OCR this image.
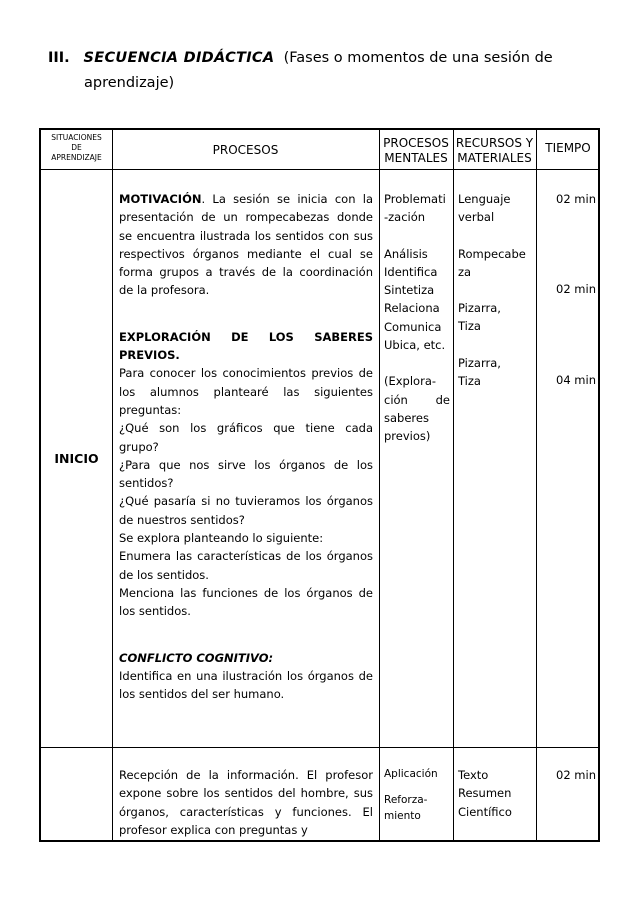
III. SECUENCIA DIDÁCTICA (Fases o momentos de una sesión de
aprendizaje)
SITUACIONES
DE
APRENDIZAJE
PROCESOS	PROCESOS
MENTALES
RECURSOS Y
MATERIALES
TIEMPO
INICIO

MOTIVACIÓN. La sesión se inicia con la presentación de un rompecabezas donde se encuentra ilustrada los sentidos con sus respectivos órganos mediante el cual se forma grupos a través de la coordinación de la profesora.

EXPLORACIÓN DE LOS SABERES PREVIOS.

Para conocer los conocimientos previos de los alumnos plantearé las siguientes preguntas:

¿Qué son los gráficos que tiene cada grupo?

¿Para que nos sirve los órganos de los sentidos?

¿Qué pasaría si no tuvieramos los órganos de nuestros sentidos?

Se explora planteando lo siguiente:

Enumera las características de los órganos de los sentidos.

Menciona las funciones de los órganos de los sentidos.

CONFLICTO COGNITIVO:

Identifica en una ilustración los órganos de los sentidos del ser humano.

Problemati
-zación
Análisis
Identifica
Sintetiza
Relaciona
Comunica
Ubica, etc.
(Explora-
ción de
saberes
previos)
Lenguaje
verbal
Rompecabe
za
Pizarra,
Tiza
Pizarra,
Tiza
02 min
02 min
04 min

Recepción de la información. El profesor expone sobre los sentidos del hombre, sus órganos, características y funciones. El profesor explica con preguntas y

Aplicación
Reforza-
miento
Texto
Resumen
Científico
02 min
